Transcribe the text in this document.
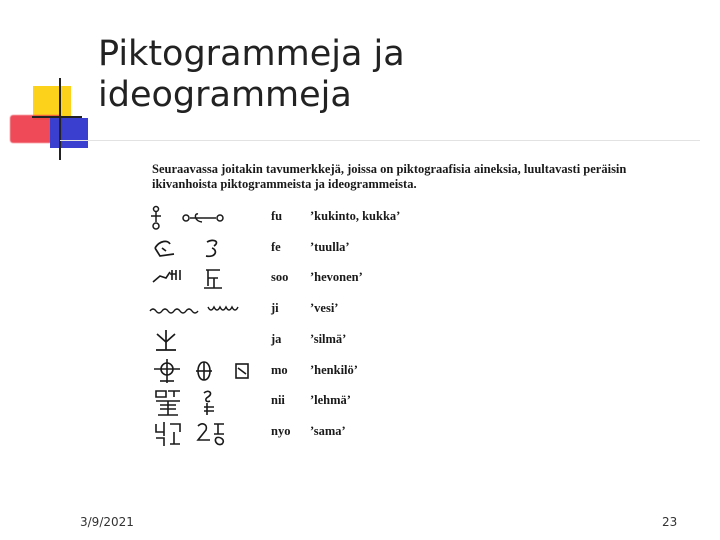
Piktogrammeja ja
ideogrammeja
Seuraavassa joitakin tavumerkkejä, joissa on piktograafisia aineksia, luultavasti peräisin
ikivanhoista piktogrammeista ja ideogrammeista.
fu ’kukinto, kukka’
fe ’tuulla’
soo ’hevonen’
ji	’vesi’
ja ’silmä’
mo ’henkilö’
nii ’lehmä’
nyo ’sama’
3/9/2021	23
